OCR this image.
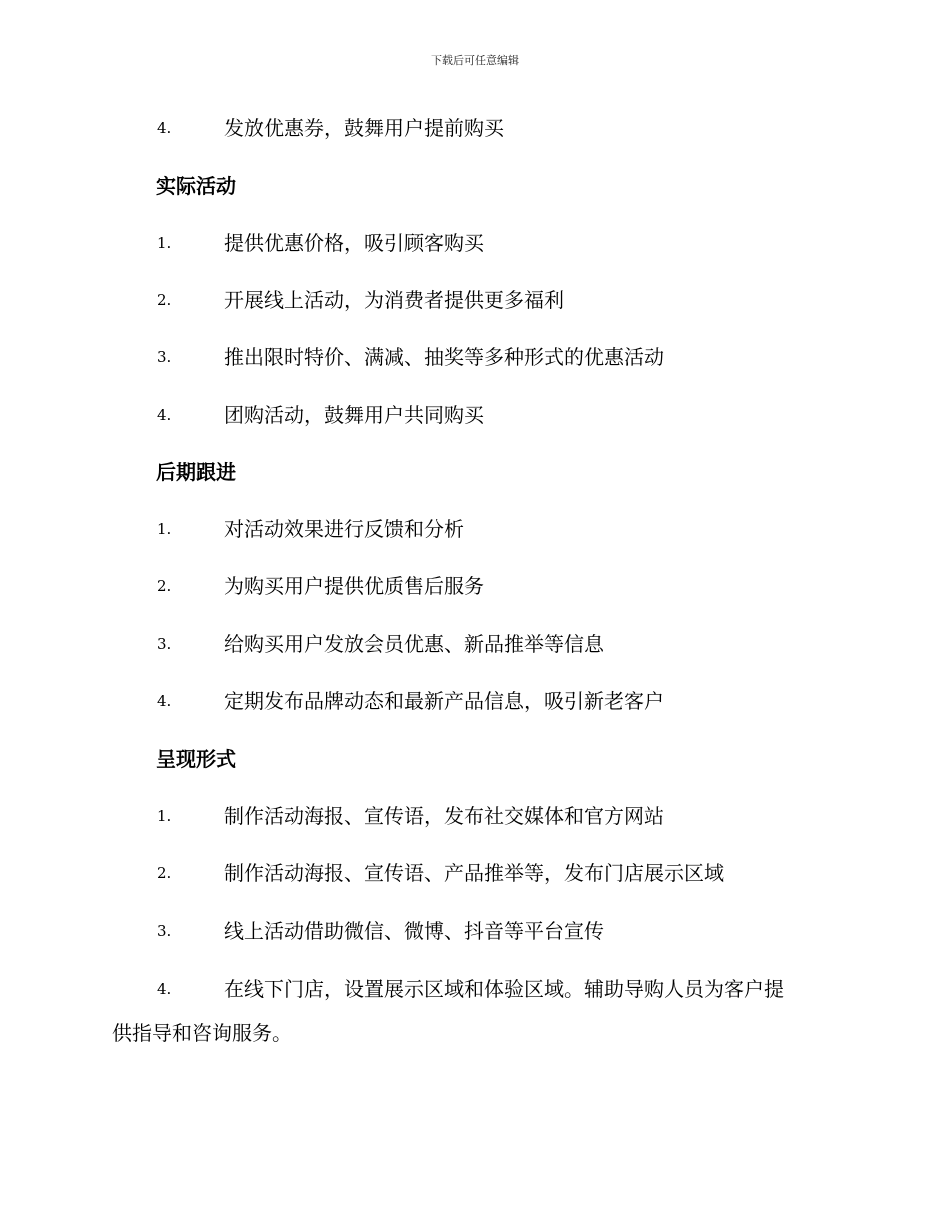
下载后可任意编辑
4.	发放优惠券，鼓舞用户提前购买
实际活动
1.	提供优惠价格，吸引顾客购买
2.	开展线上活动，为消费者提供更多福利
3.	推出限时特价、满减、抽奖等多种形式的优惠活动
4.	团购活动，鼓舞用户共同购买
后期跟进
1.	对活动效果进行反馈和分析
2.	为购买用户提供优质售后服务
3.	给购买用户发放会员优惠、新品推举等信息
4.	定期发布品牌动态和最新产品信息，吸引新老客户
呈现形式
1.	制作活动海报、宣传语，发布社交媒体和官方网站
2.	制作活动海报、宣传语、产品推举等，发布门店展示区域
3.	线上活动借助微信、微博、抖音等平台宣传
4.	在线下门店，设置展示区域和体验区域。辅助导购人员为客户提
供指导和咨询服务。
